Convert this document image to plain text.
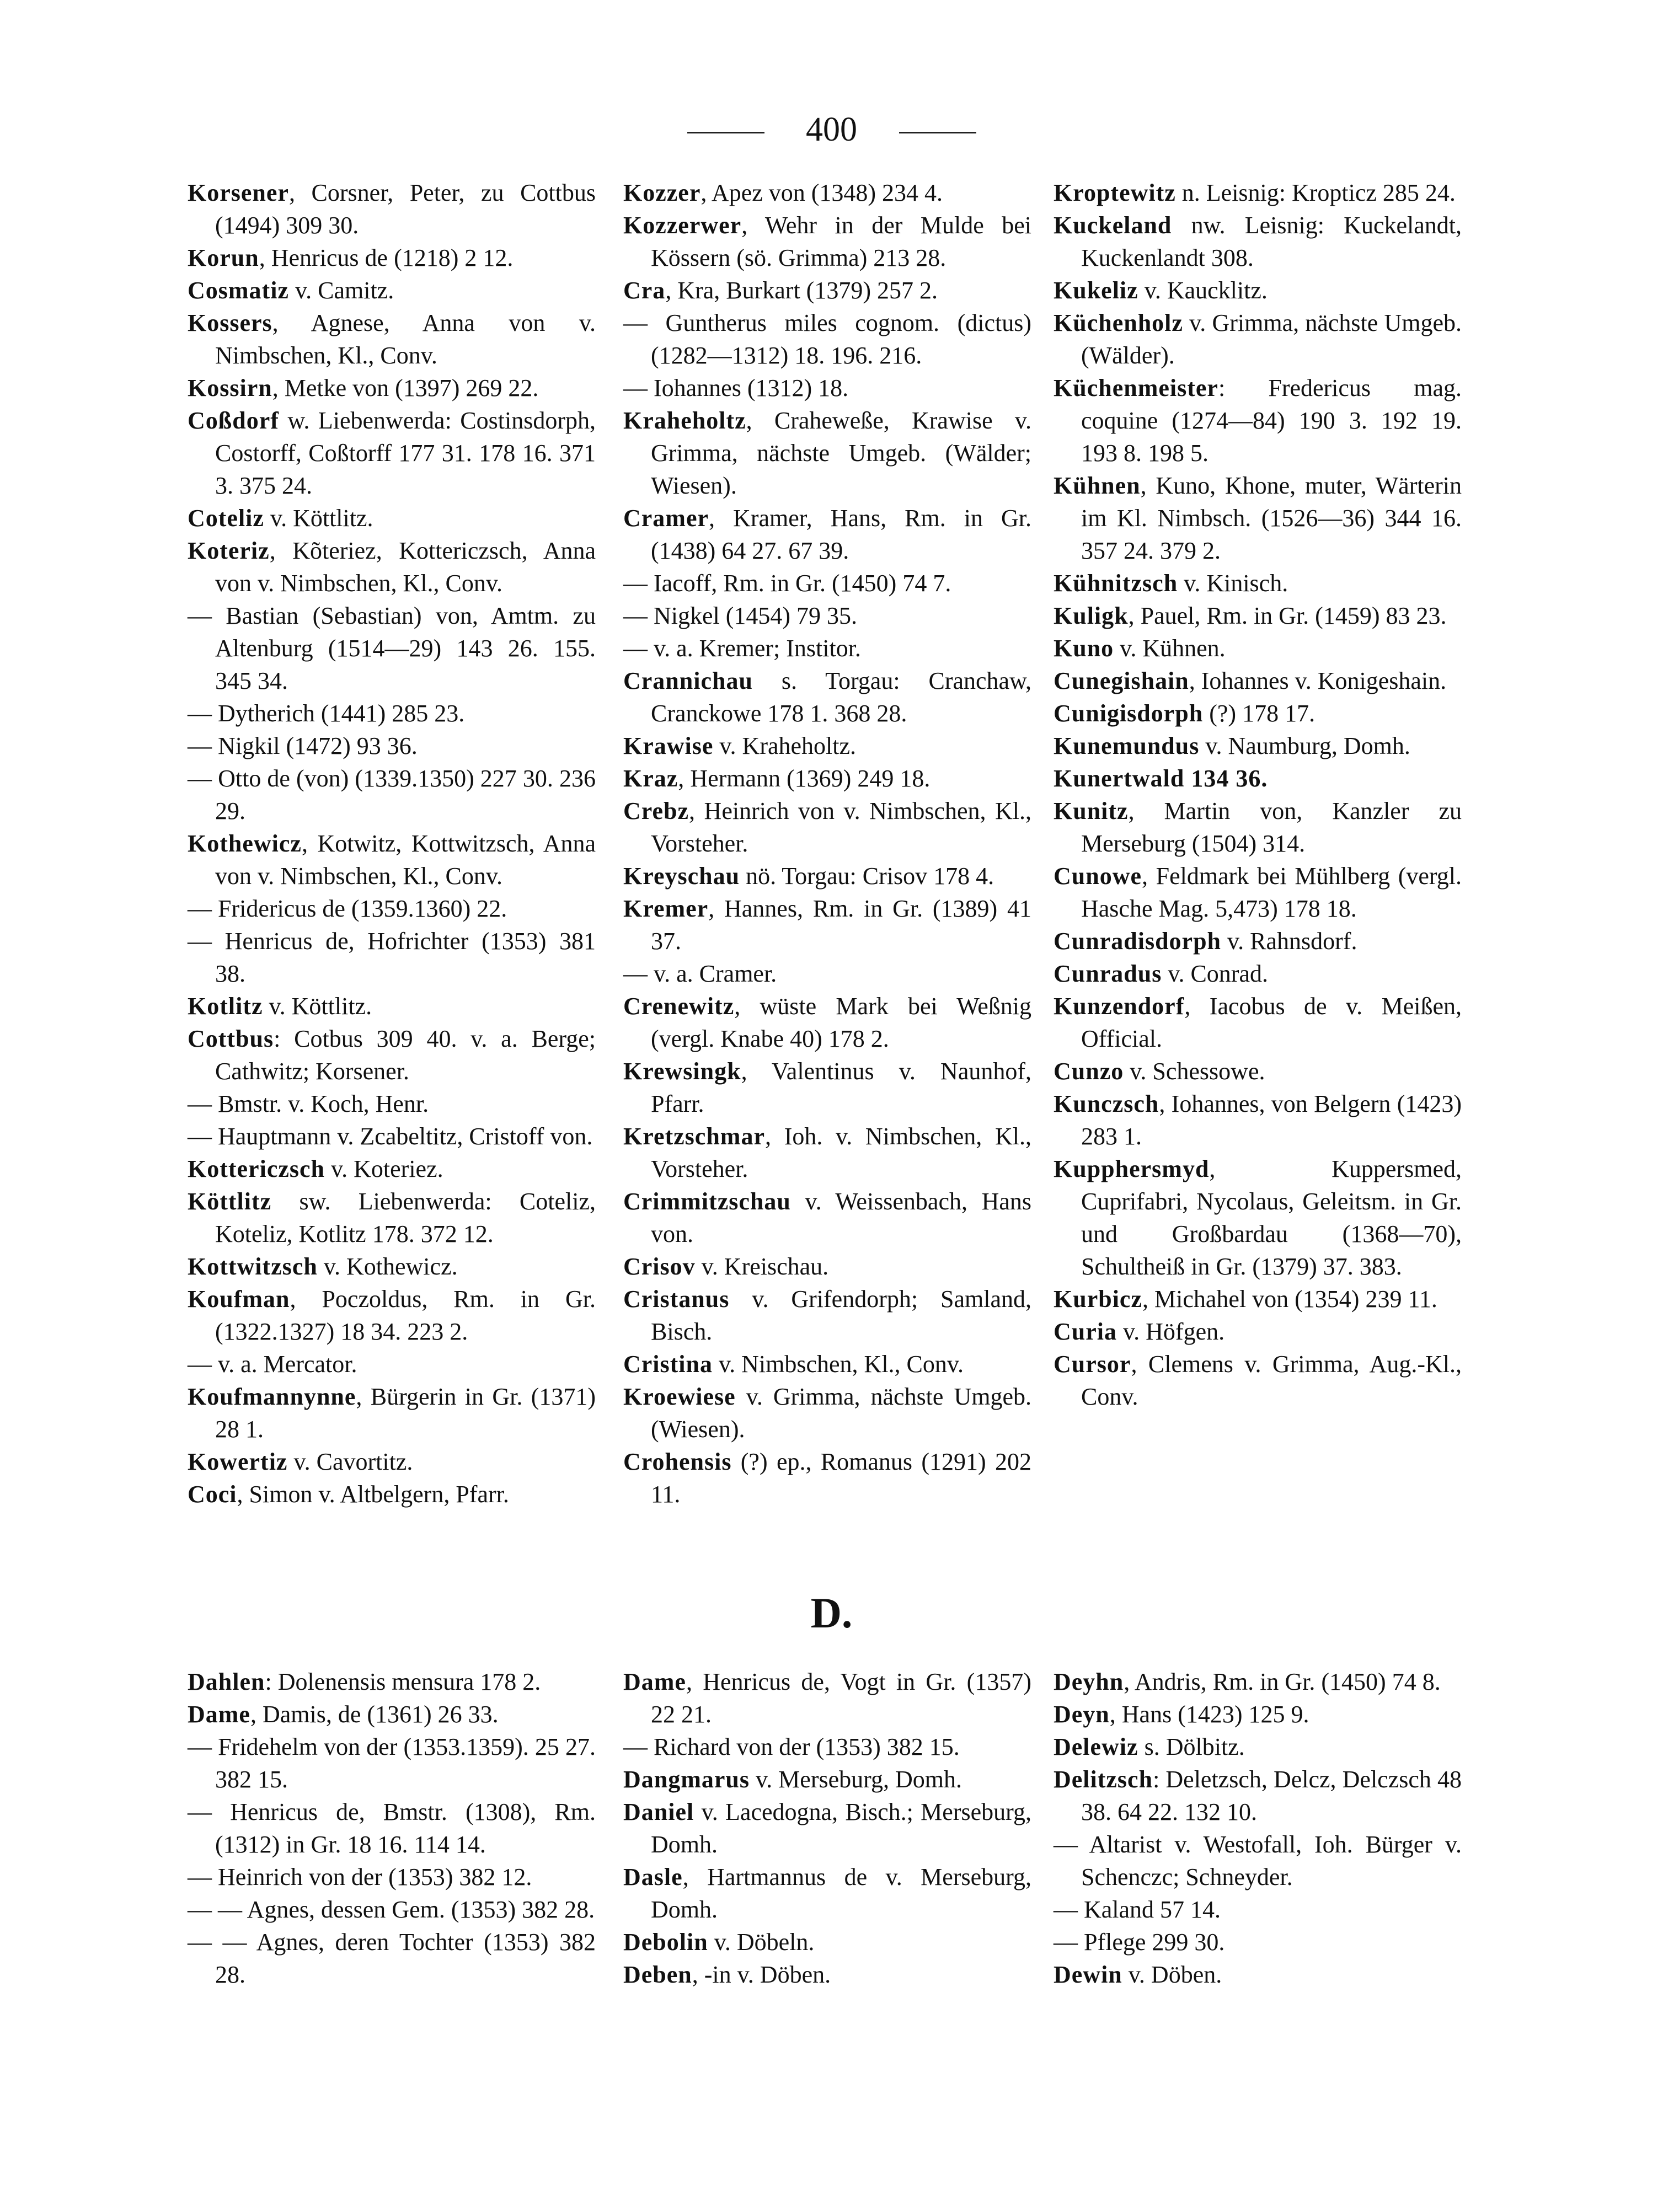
400
Korsener, Corsner, Peter, zu Cottbus (1494) 309 30.
Korun, Henricus de (1218) 2 12.
Cosmatiz v. Camitz.
Kossers, Agnese, Anna von v. Nimbschen, Kl., Conv.
Kossirn, Metke von (1397) 269 22.
Coßdorf w. Liebenwerda: Costinsdorph, Costorff, Coßtorff 177 31. 178 16. 371 3. 375 24.
Coteliz v. Köttlitz.
Koteriz, Kõteriez, Kottericzsch, Anna von v. Nimbschen, Kl., Conv.
— Bastian (Sebastian) von, Amtm. zu Altenburg (1514—29) 143 26. 155. 345 34.
— Dytherich (1441) 285 23.
— Nigkil (1472) 93 36.
— Otto de (von) (1339.1350) 227 30. 236 29.
Kothewicz, Kotwitz, Kottwitzsch, Anna von v. Nimbschen, Kl., Conv.
— Fridericus de (1359.1360) 22.
— Henricus de, Hofrichter (1353) 381 38.
Kotlitz v. Köttlitz.
Cottbus: Cotbus 309 40. v. a. Berge; Cathwitz; Korsener.
— Bmstr. v. Koch, Henr.
— Hauptmann v. Zcabeltitz, Cristoff von.
Kottericzsch v. Koteriez.
Köttlitz sw. Liebenwerda: Coteliz, Koteliz, Kotlitz 178. 372 12.
Kottwitzsch v. Kothewicz.
Koufman, Poczoldus, Rm. in Gr. (1322.1327) 18 34. 223 2.
— v. a. Mercator.
Koufmannynne, Bürgerin in Gr. (1371) 28 1.
Kowertiz v. Cavortitz.
Coci, Simon v. Altbelgern, Pfarr.
Kozzer, Apez von (1348) 234 4.
Kozzerwer, Wehr in der Mulde bei Kössern (sö. Grimma) 213 28.
Cra, Kra, Burkart (1379) 257 2.
— Guntherus miles cognom. (dictus) (1282—1312) 18. 196. 216.
— Iohannes (1312) 18.
Kraheholtz, Craheweße, Krawise v. Grimma, nächste Umgeb. (Wälder; Wiesen).
Cramer, Kramer, Hans, Rm. in Gr. (1438) 64 27. 67 39.
— Iacoff, Rm. in Gr. (1450) 74 7.
— Nigkel (1454) 79 35.
— v. a. Kremer; Institor.
Crannichau s. Torgau: Cranchaw, Cranckowe 178 1. 368 28.
Krawise v. Kraheholtz.
Kraz, Hermann (1369) 249 18.
Crebz, Heinrich von v. Nimbschen, Kl., Vorsteher.
Kreyschau nö. Torgau: Crisov 178 4.
Kremer, Hannes, Rm. in Gr. (1389) 41 37.
— v. a. Cramer.
Crenewitz, wüste Mark bei Weßnig (vergl. Knabe 40) 178 2.
Krewsingk, Valentinus v. Naunhof, Pfarr.
Kretzschmar, Ioh. v. Nimbschen, Kl., Vorsteher.
Crimmitzschau v. Weissenbach, Hans von.
Crisov v. Kreischau.
Cristanus v. Grifendorph; Samland, Bisch.
Cristina v. Nimbschen, Kl., Conv.
Kroewiese v. Grimma, nächste Umgeb. (Wiesen).
Crohensis (?) ep., Romanus (1291) 202 11.
Kroptewitz n. Leisnig: Kropticz 285 24.
Kuckeland nw. Leisnig: Kuckelandt, Kuckenlandt 308.
Kukeliz v. Kaucklitz.
Küchenholz v. Grimma, nächste Umgeb. (Wälder).
Küchenmeister: Fredericus mag. coquine (1274—84) 190 3. 192 19. 193 8. 198 5.
Kühnen, Kuno, Khone, muter, Wärterin im Kl. Nimbsch. (1526—36) 344 16. 357 24. 379 2.
Kühnitzsch v. Kinisch.
Kuligk, Pauel, Rm. in Gr. (1459) 83 23.
Kuno v. Kühnen.
Cunegishain, Iohannes v. Konigeshain.
Cunigisdorph (?) 178 17.
Kunemundus v. Naumburg, Domh.
Kunertwald 134 36.
Kunitz, Martin von, Kanzler zu Merseburg (1504) 314.
Cunowe, Feldmark bei Mühlberg (vergl. Hasche Mag. 5,473) 178 18.
Cunradisdorph v. Rahnsdorf.
Cunradus v. Conrad.
Kunzendorf, Iacobus de v. Meißen, Official.
Cunzo v. Schessowe.
Kunczsch, Iohannes, von Belgern (1423) 283 1.
Kupphersmyd, Kuppersmed, Cuprifabri, Nycolaus, Geleitsm. in Gr. und Großbardau (1368—70), Schultheiß in Gr. (1379) 37. 383.
Kurbicz, Michahel von (1354) 239 11.
Curia v. Höfgen.
Cursor, Clemens v. Grimma, Aug.-Kl., Conv.
D.
Dahlen: Dolenensis mensura 178 2.
Dame, Damis, de (1361) 26 33.
— Fridehelm von der (1353.1359). 25 27. 382 15.
— Henricus de, Bmstr. (1308), Rm. (1312) in Gr. 18 16. 114 14.
— Heinrich von der (1353) 382 12.
— — Agnes, dessen Gem. (1353) 382 28.
— — Agnes, deren Tochter (1353) 382 28.
Dame, Henricus de, Vogt in Gr. (1357) 22 21.
— Richard von der (1353) 382 15.
Dangmarus v. Merseburg, Domh.
Daniel v. Lacedogna, Bisch.; Merseburg, Domh.
Dasle, Hartmannus de v. Merseburg, Domh.
Debolin v. Döbeln.
Deben, -in v. Döben.
Deyhn, Andris, Rm. in Gr. (1450) 74 8.
Deyn, Hans (1423) 125 9.
Delewiz s. Dölbitz.
Delitzsch: Deletzsch, Delcz, Delczsch 48 38. 64 22. 132 10.
— Altarist v. Westofall, Ioh. Bürger v. Schenczc; Schneyder.
— Kaland 57 14.
— Pflege 299 30.
Dewin v. Döben.
